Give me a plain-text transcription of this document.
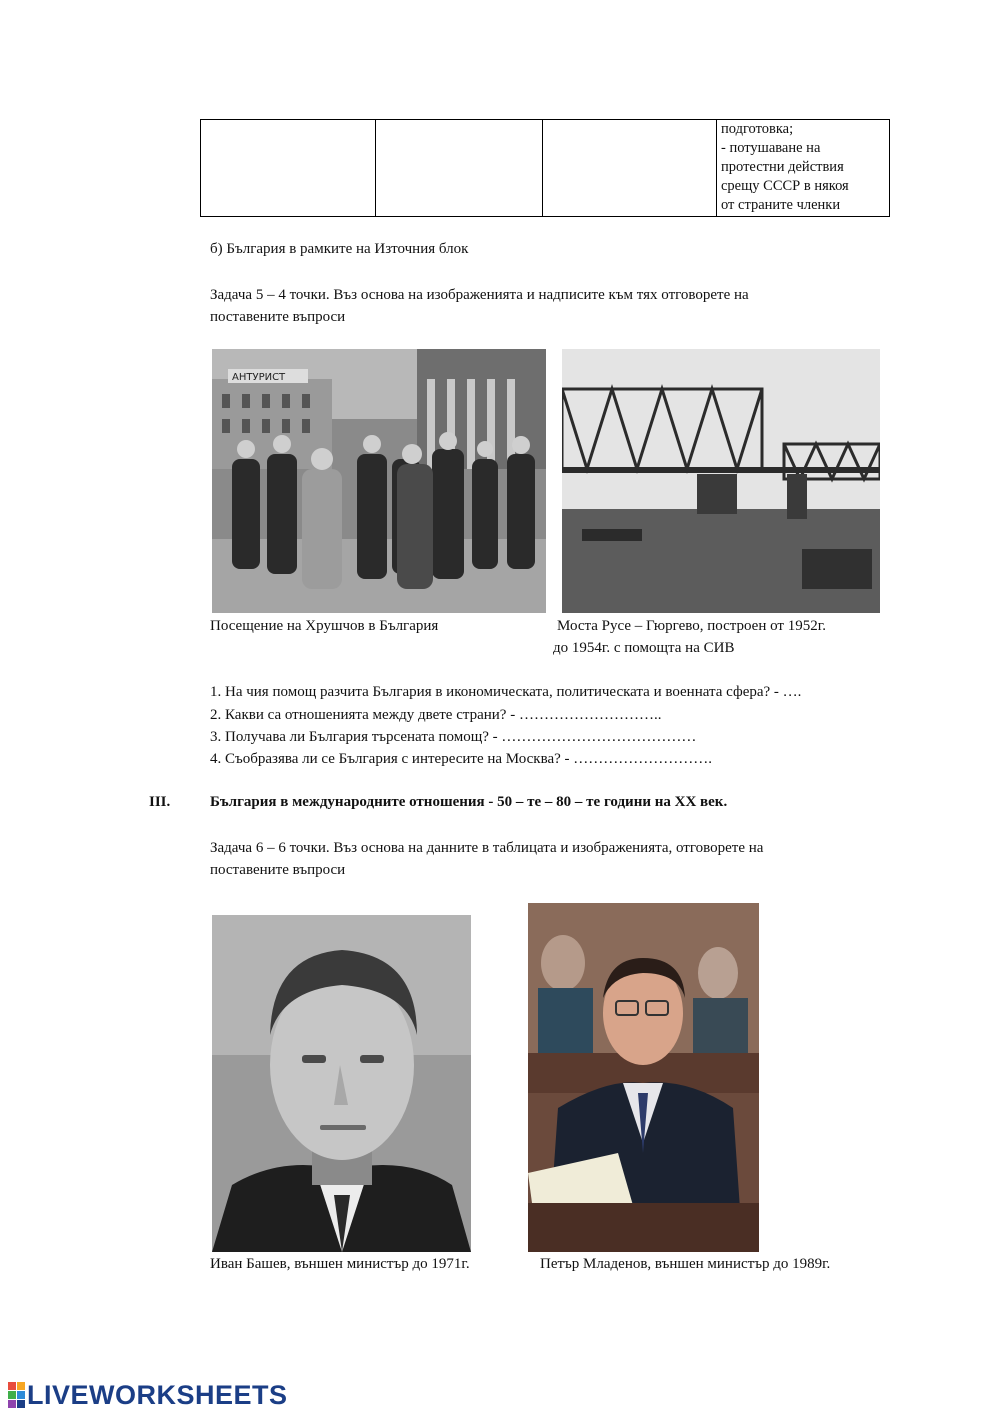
подготовка;
- потушаване на
протестни действия
срещу СССР в някоя
от страните членки
б) България в рамките на Източния блок
Задача 5 – 4 точки. Въз основа на изображенията и надписите към тях отговорете на
поставените въпроси
АНТУРИСТ
Посещение на Хрушчов в България	Моста Русе – Гюргево, построен от 1952г.
до 1954г. с помощта на СИВ
1. На чия помощ разчита България в икономическата, политическата и военната сфера? - ….
2. Какви са отношенията между двете страни? - ………………………..
3. Получава ли България търсената помощ? - …………………………………
4. Съобразява ли се България с интересите на Москва? - ……………………….
III.	България в международните отношения - 50 – те – 80 – те години на XX век.
Задача 6 – 6 точки. Въз основа на данните в таблицата и изображенията, отговорете на
поставените въпроси
Иван Башев, външен министър до 1971г.	Петър Младенов, външен министър до 1989г.
LIVEWORKSHEETS
